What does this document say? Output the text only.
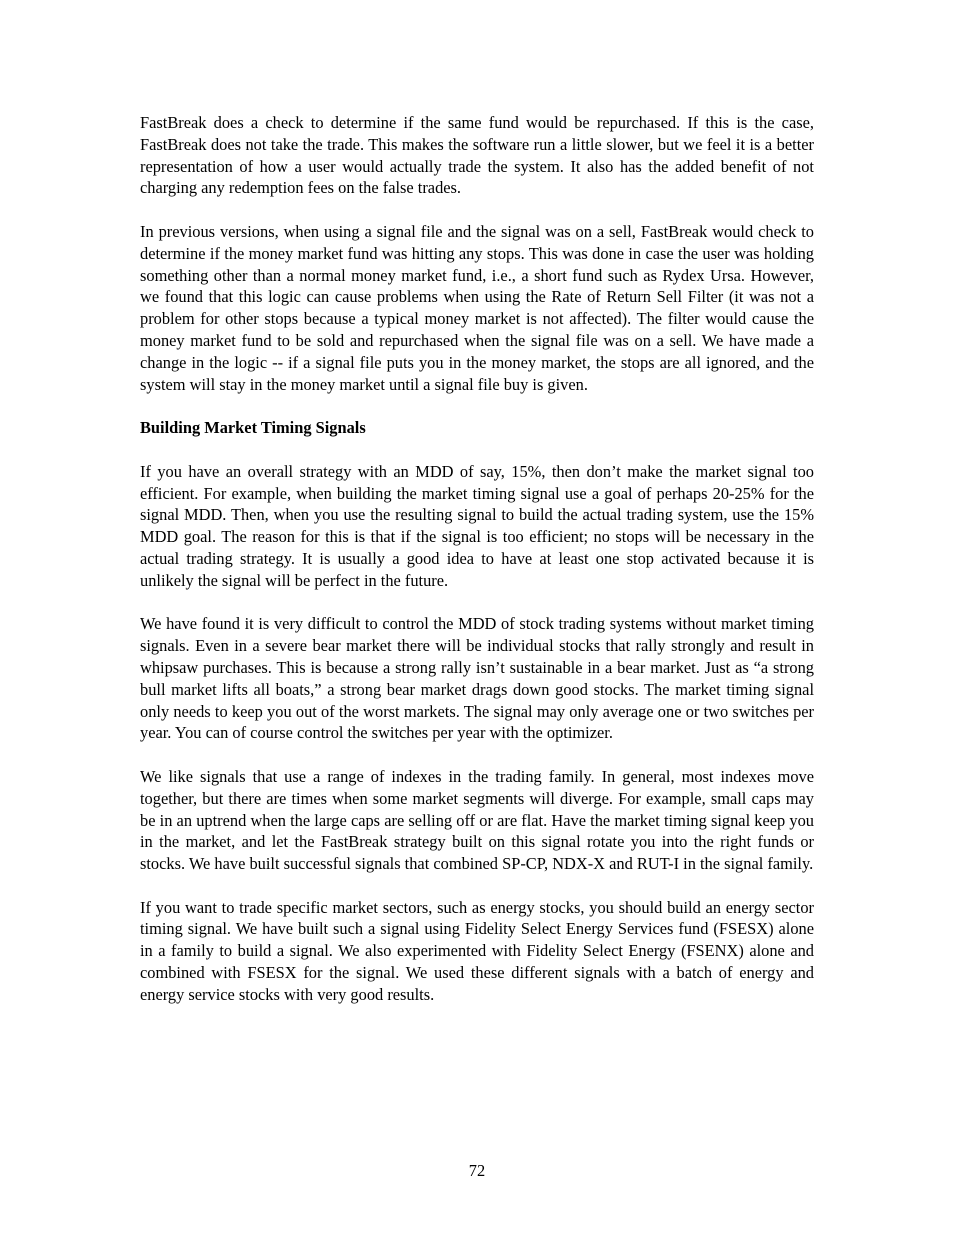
FastBreak does a check to determine if the same fund would be repurchased. If this is the case, FastBreak does not take the trade. This makes the software run a little slower, but we feel it is a better representation of how a user would actually trade the system. It also has the added benefit of not charging any redemption fees on the false trades.

In previous versions, when using a signal file and the signal was on a sell, FastBreak would check to determine if the money market fund was hitting any stops. This was done in case the user was holding something other than a normal money market fund, i.e., a short fund such as Rydex Ursa. However, we found that this logic can cause problems when using the Rate of Return Sell Filter (it was not a problem for other stops because a typical money market is not affected). The filter would cause the money market fund to be sold and repurchased when the signal file was on a sell. We have made a change in the logic -- if a signal file puts you in the money market, the stops are all ignored, and the system will stay in the money market until a signal file buy is given.

Building Market Timing Signals

If you have an overall strategy with an MDD of say, 15%, then don’t make the market signal too efficient. For example, when building the market timing signal use a goal of perhaps 20-25% for the signal MDD. Then, when you use the resulting signal to build the actual trading system, use the 15% MDD goal. The reason for this is that if the signal is too efficient; no stops will be necessary in the actual trading strategy. It is usually a good idea to have at least one stop activated because it is unlikely the signal will be perfect in the future.

We have found it is very difficult to control the MDD of stock trading systems without market timing signals. Even in a severe bear market there will be individual stocks that rally strongly and result in whipsaw purchases. This is because a strong rally isn’t sustainable in a bear market. Just as “a strong bull market lifts all boats,” a strong bear market drags down good stocks. The market timing signal only needs to keep you out of the worst markets. The signal may only average one or two switches per year. You can of course control the switches per year with the optimizer.

We like signals that use a range of indexes in the trading family. In general, most indexes move together, but there are times when some market segments will diverge. For example, small caps may be in an uptrend when the large caps are selling off or are flat. Have the market timing signal keep you in the market, and let the FastBreak strategy built on this signal rotate you into the right funds or stocks. We have built successful signals that combined SP-CP, NDX-X and RUT-I in the signal family.

If you want to trade specific market sectors, such as energy stocks, you should build an energy sector timing signal. We have built such a signal using Fidelity Select Energy Services fund (FSESX) alone in a family to build a signal. We also experimented with Fidelity Select Energy (FSENX) alone and combined with FSESX for the signal. We used these different signals with a batch of energy and energy service stocks with very good results.

72
